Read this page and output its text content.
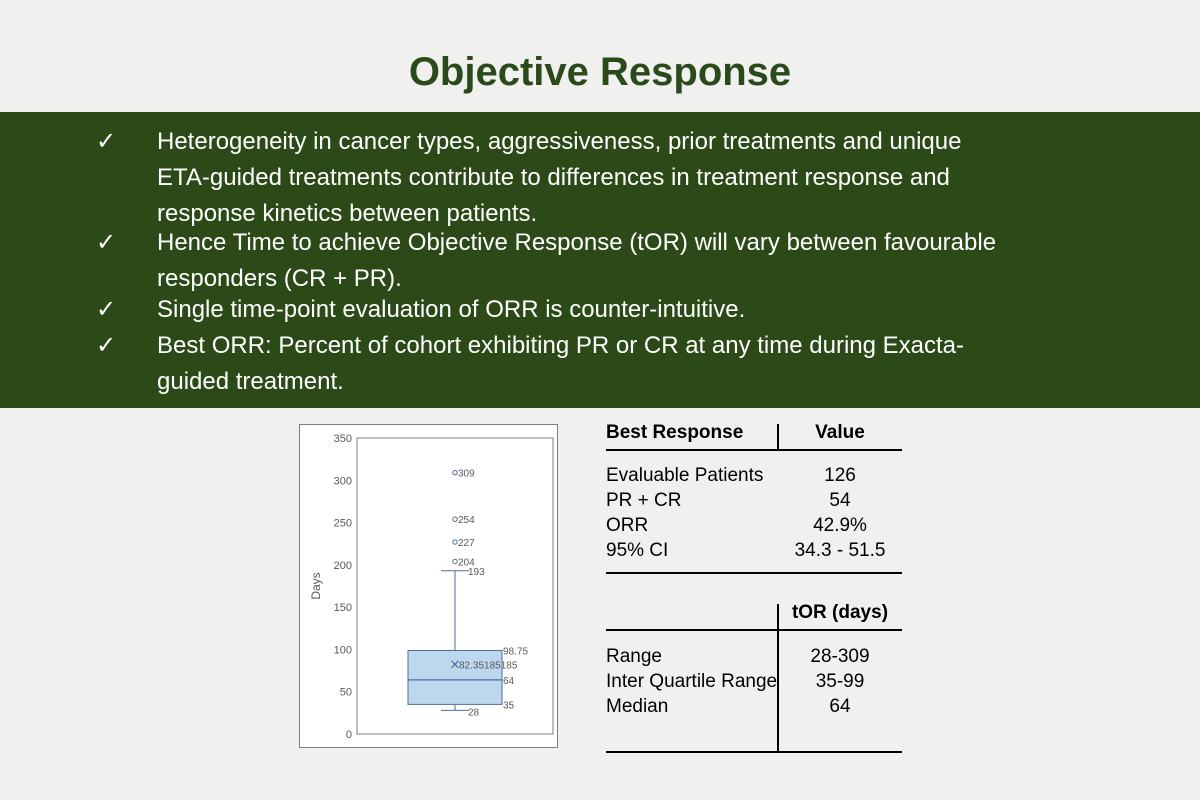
Objective Response
✓ Heterogeneity in cancer types, aggressiveness, prior treatments and unique
ETA-guided treatments contribute to differences in treatment response and
response kinetics between patients.
✓ Hence Time to achieve Objective Response (tOR) will vary between favourable
responders (CR + PR).
✓ Single time-point evaluation of ORR is counter-intuitive.
✓ Best ORR: Percent of cohort exhibiting PR or CR at any time during Exacta-
guided treatment.
0
50
100
150
200
250
300
350
Days
204
227
254
309
193
98.75
82.35185185
64
35
28
Best Response	Value
Evaluable Patients	126
PR + CR	54
ORR	42.9%
95% CI	34.3 - 51.5
tOR (days)
Range	28-309
Inter Quartile Range	35-99
Median	64
